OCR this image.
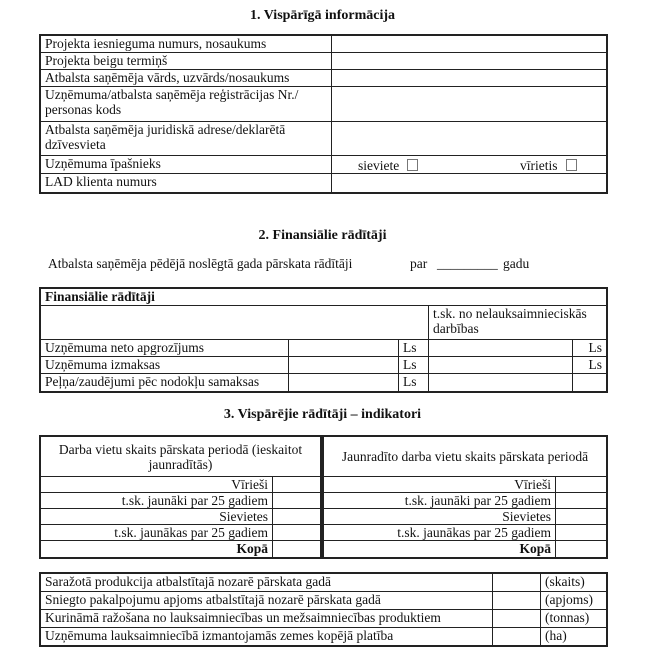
1. Vispārīgā informācija
Projekta iesnieguma numurs, nosaukums	
Projekta beigu termiņš	
Atbalsta saņēmēja vārds, uzvārds/nosaukums	
Uzņēmuma/atbalsta saņēmēja reģistrācijas Nr./ personas kods	
Atbalsta saņēmēja juridiskā adrese/deklarētā dzīvesvieta	
Uzņēmuma īpašnieks	sieviete vīrietis

LAD klienta numurs	
2. Finansiālie rādītāji
Atbalsta saņēmēja pēdējā noslēgtā gada pārskata rādītāji	par _________ gadu
Finansiālie rādītāji				
			t.sk. no nelauksaimnieciskās darbības	
Uzņēmuma neto apgrozījums		Ls		Ls
Uzņēmuma izmaksas		Ls		Ls
Peļņa/zaudējumi pēc nodokļu samaksas		Ls		
3. Vispārējie rādītāji – indikatori
Darba vietu skaits pārskata periodā (ieskaitot jaunradītās)	
Vīrieši	
t.sk. jaunāki par 25 gadiem	
Sievietes	
t.sk. jaunākas par 25 gadiem	
Kopā	
Jaunradīto darba vietu skaits pārskata periodā	
Vīrieši	
t.sk. jaunāki par 25 gadiem	
Sievietes	
t.sk. jaunākas par 25 gadiem	
Kopā	
Saražotā produkcija atbalstītajā nozarē pārskata gadā		(skaits)
Sniegto pakalpojumu apjoms atbalstītajā nozarē pārskata gadā		(apjoms)
Kurināmā ražošana no lauksaimniecības un mežsaimniecības produktiem		(tonnas)
Uzņēmuma lauksaimniecībā izmantojamās zemes kopējā platība		(ha)
